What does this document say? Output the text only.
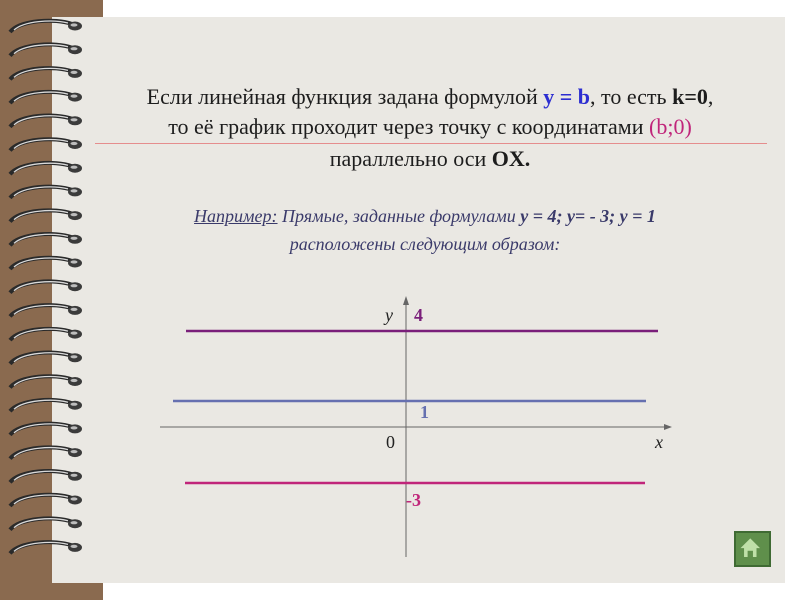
Если линейная функция задана формулой y = b, то есть k=0,
то её график проходит через точку с координатами (b;0)
параллельно оси OX.
Например: Прямые, заданные формулами y = 4; y= - 3; y = 1
расположены следующим образом:
y
x
0
4
1
-3
